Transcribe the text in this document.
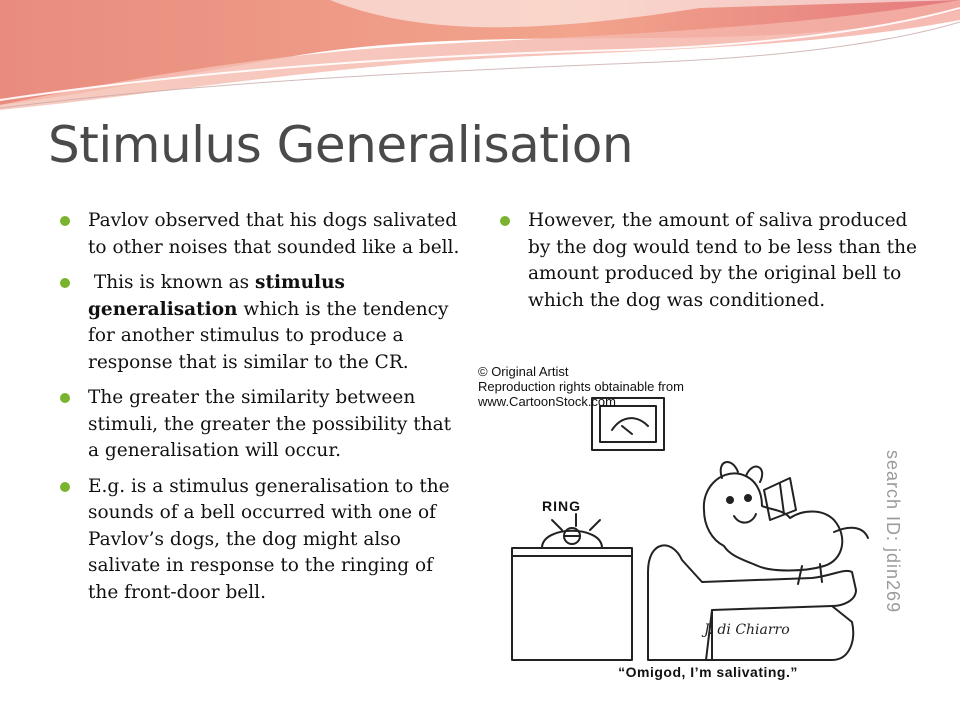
Stimulus Generalisation
Pavlov observed that his dogs salivated to other noises that sounded like a bell.
This is known as stimulus generalisation which is the tendency for another stimulus to produce a response that is similar to the CR.
The greater the similarity between stimuli, the greater the possibility that a generalisation will occur.
E.g. is a stimulus generalisation to the sounds of a bell occurred with one of Pavlov’s dogs, the dog might also salivate in response to the ringing of the front-door bell.
However, the amount of saliva produced by the dog would tend to be less than the amount produced by the original bell to which the dog was conditioned.

© Original Artist
Reproduction rights obtainable from
www.CartoonStock.com

search ID: jdin269
RING
J. di Chiarro
“Omigod, I’m salivating.”
